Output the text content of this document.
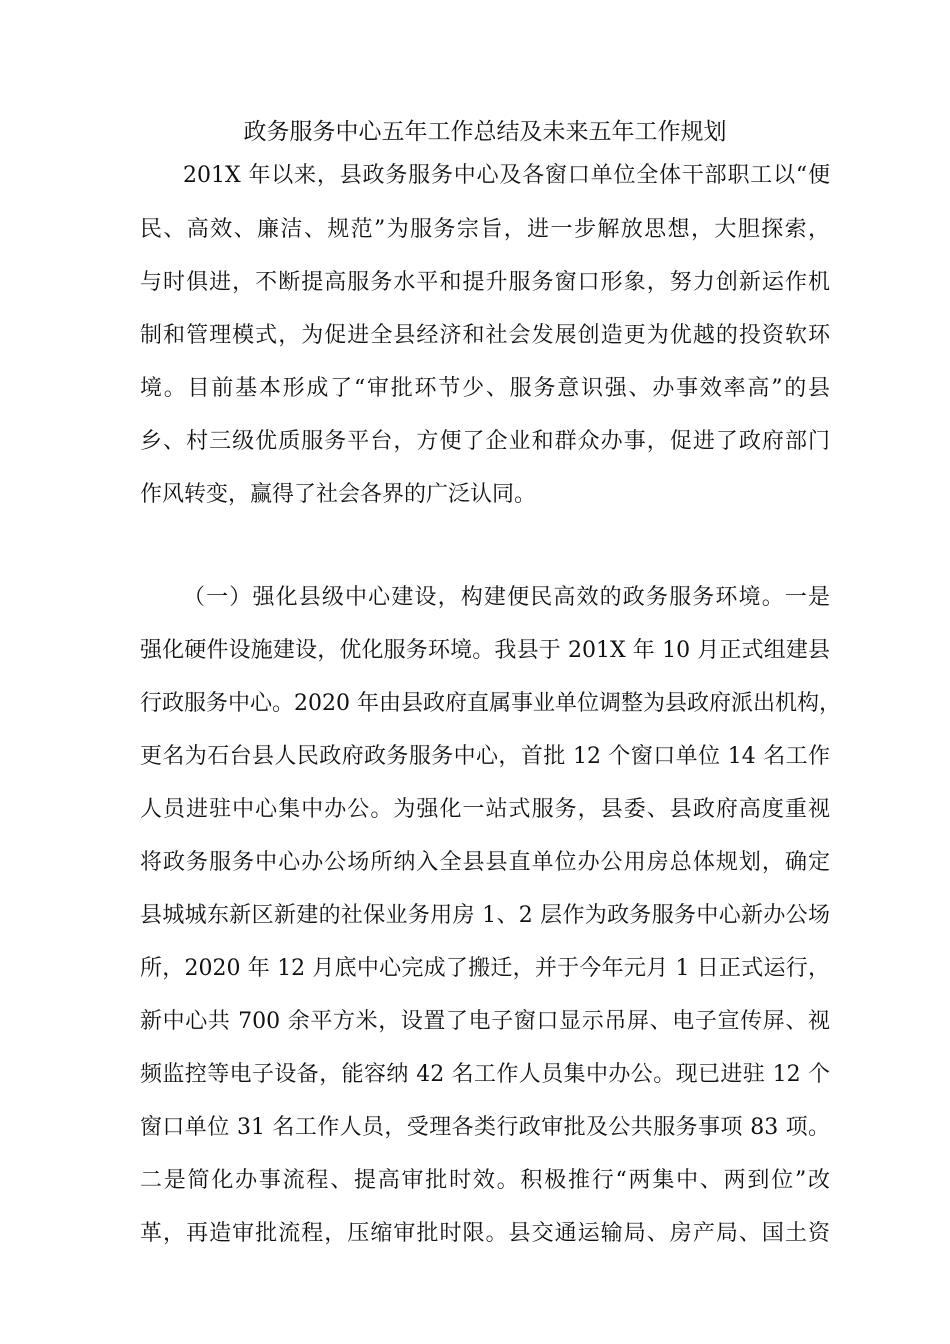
政务服务中心五年工作总结及未来五年工作规划
201X 年以来，县政务服务中心及各窗口单位全体干部职工以“便
民、高效、廉洁、规范”为服务宗旨，进一步解放思想，大胆探索，
与时俱进，不断提高服务水平和提升服务窗口形象，努力创新运作机
制和管理模式，为促进全县经济和社会发展创造更为优越的投资软环
境。目前基本形成了“审批环节少、服务意识强、办事效率高”的县
乡、村三级优质服务平台，方便了企业和群众办事，促进了政府部门
作风转变，赢得了社会各界的广泛认同。
（一）强化县级中心建设，构建便民高效的政务服务环境。一是
强化硬件设施建设，优化服务环境。我县于 201X 年 10 月正式组建县
行政服务中心。2020 年由县政府直属事业单位调整为县政府派出机构，
更名为石台县人民政府政务服务中心，首批 12 个窗口单位 14 名工作
人员进驻中心集中办公。为强化一站式服务，县委、县政府高度重视
将政务服务中心办公场所纳入全县县直单位办公用房总体规划，确定
县城城东新区新建的社保业务用房 1、2 层作为政务服务中心新办公场
所，2020 年 12 月底中心完成了搬迁，并于今年元月 1 日正式运行，
新中心共 700 余平方米，设置了电子窗口显示吊屏、电子宣传屏、视
频监控等电子设备，能容纳 42 名工作人员集中办公。现已进驻 12 个
窗口单位 31 名工作人员，受理各类行政审批及公共服务事项 83 项。
二是简化办事流程、提高审批时效。积极推行“两集中、两到位”改
革，再造审批流程，压缩审批时限。县交通运输局、房产局、国土资
